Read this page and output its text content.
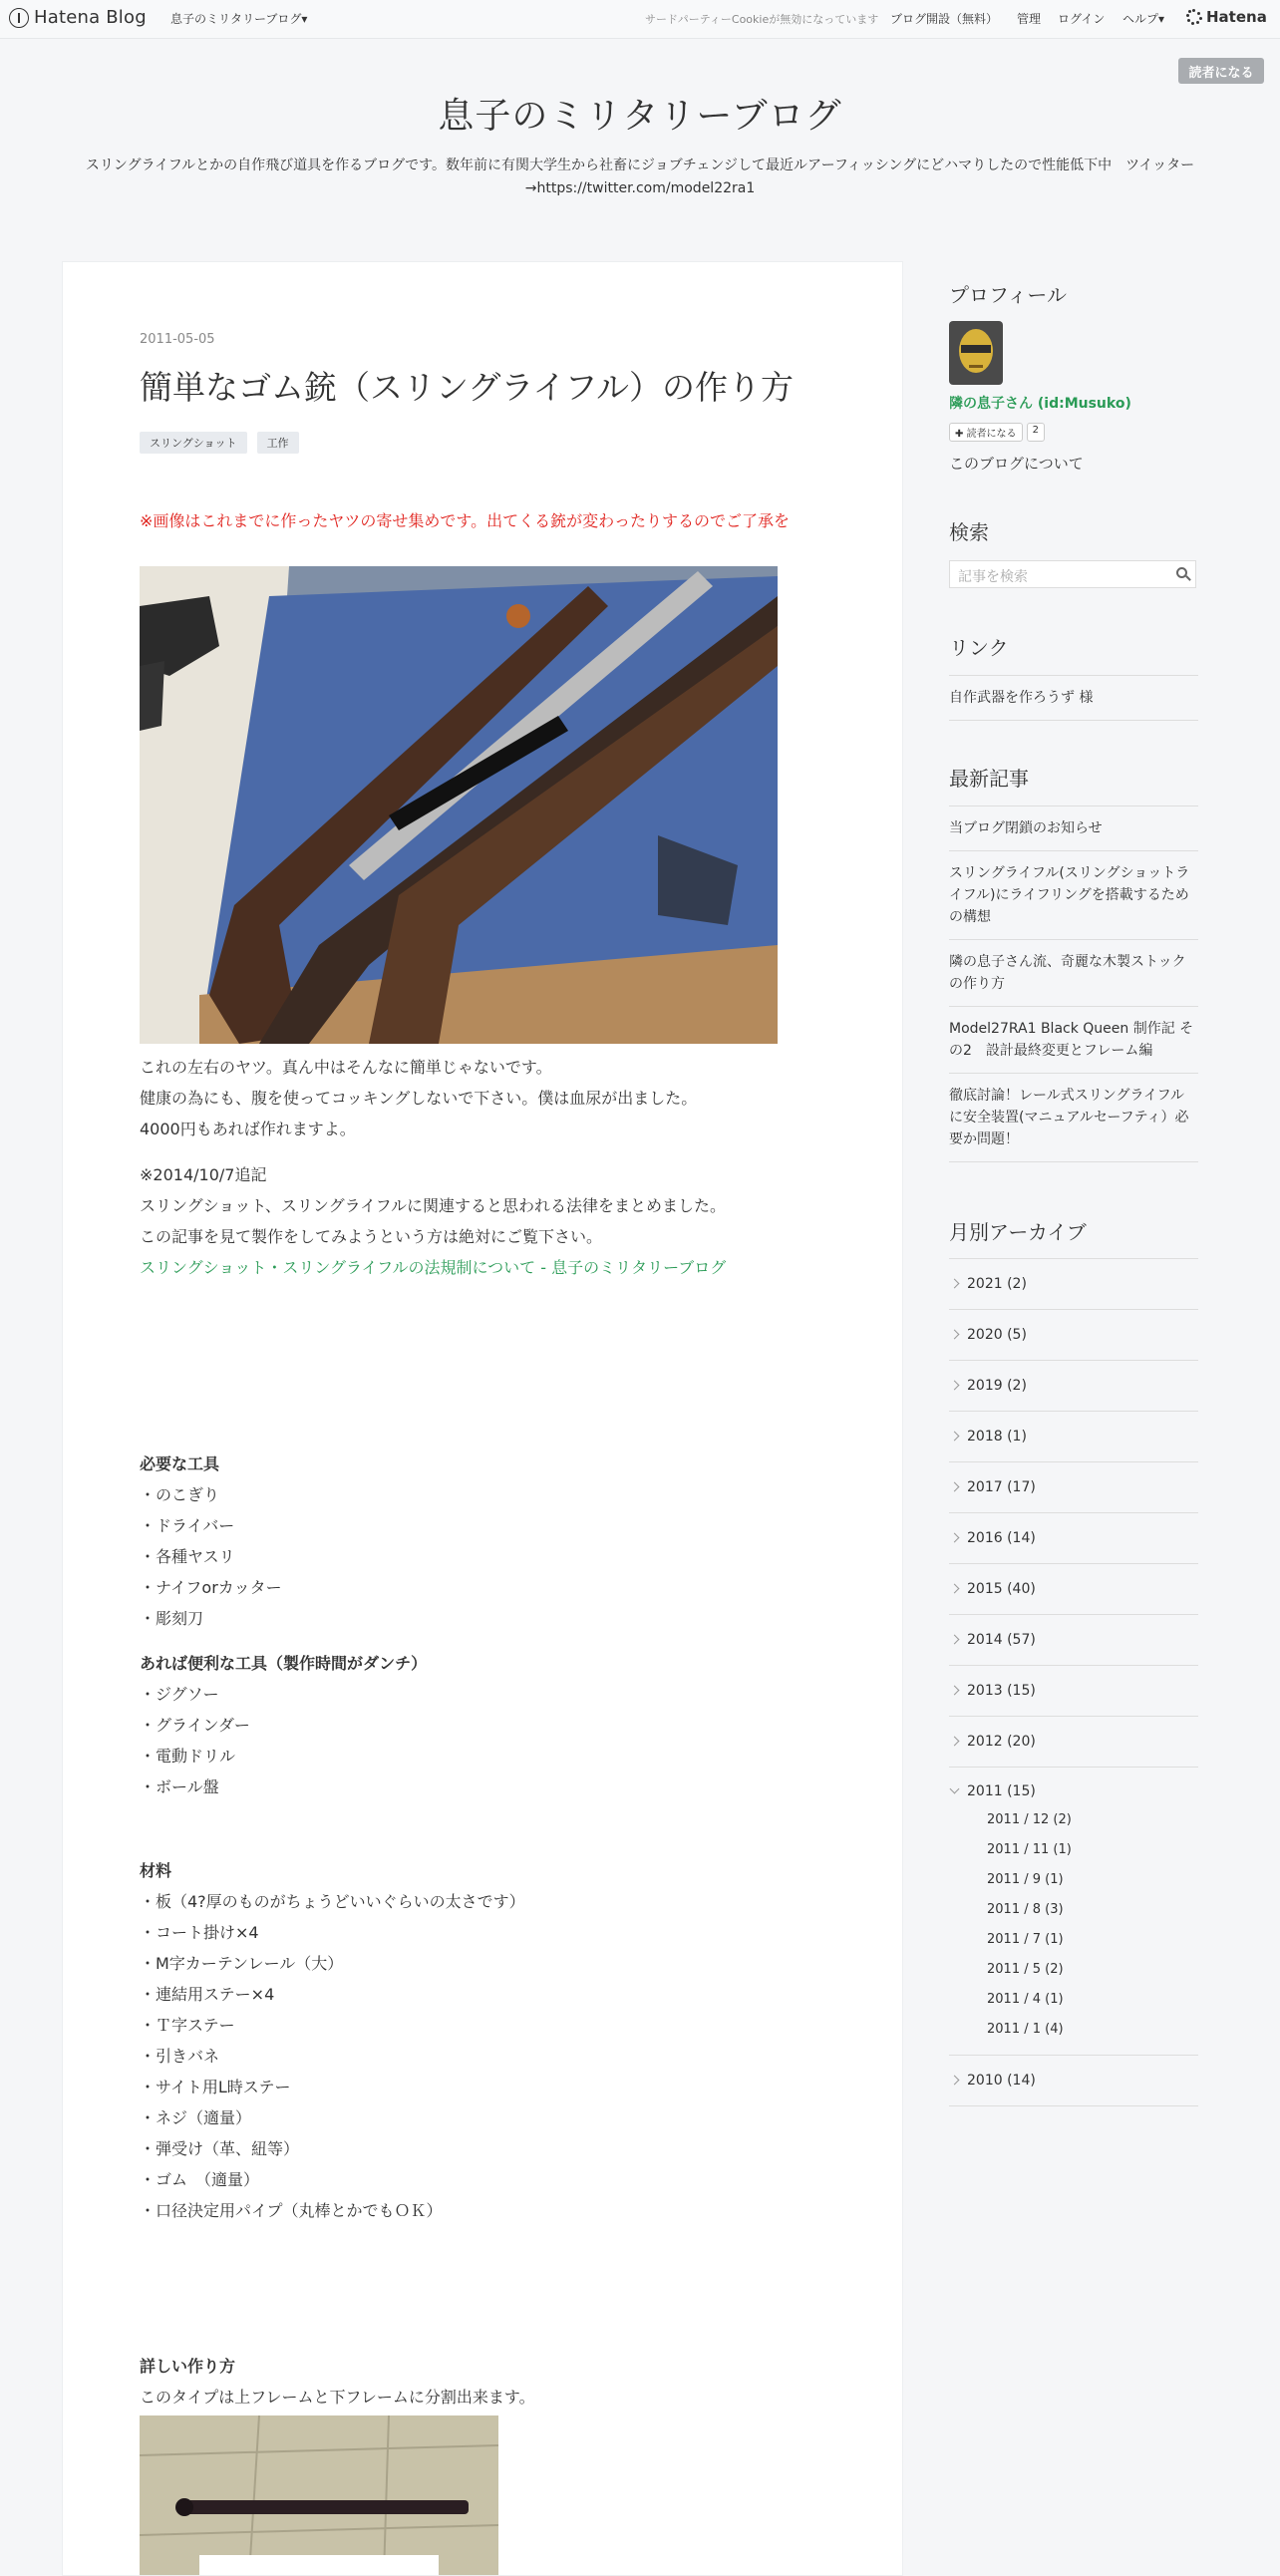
Hatena Blog 息子のミリタリーブログ▾	サードパーティーCookieが無効になっています ブログ開設（無料） 管理 ログイン ヘルプ▾	Hatena
読者になる
息子のミリタリーブログ
スリングライフルとかの自作飛び道具を作るブログです。数年前に有関大学生から社畜にジョブチェンジして最近ルアーフィッシングにどハマりしたので性能低下中　ツイッター→https://twitter.com/model22ra1
2011-05-05
簡単なゴム銃（スリングライフル）の作り方
スリングショット	工作
※画像はこれまでに作ったヤツの寄せ集めです。出てくる銃が変わったりするのでご了承を
これの左右のヤツ。真ん中はそんなに簡単じゃないです。
健康の為にも、腹を使ってコッキングしないで下さい。僕は血尿が出ました。
4000円もあれば作れますよ。
※2014/10/7追記
スリングショット、スリングライフルに関連すると思われる法律をまとめました。
この記事を見て製作をしてみようという方は絶対にご覧下さい。
スリングショット・スリングライフルの法規制について - 息子のミリタリーブログ
必要な工具
・のこぎり
・ドライバー
・各種ヤスリ
・ナイフorカッター
・彫刻刀
あれば便利な工具（製作時間がダンチ）
・ジグソー
・グラインダー
・電動ドリル
・ボール盤
材料
・板（4?厚のものがちょうどいいぐらいの太さです）
・コート掛け×4
・M字カーテンレール（大）
・連結用ステー×4
・Ｔ字ステー
・引きバネ
・サイト用L時ステー
・ネジ（適量）
・弾受け（革、紐等）
・ゴム　（適量）
・口径決定用パイプ（丸棒とかでもＯＫ）
詳しい作り方
このタイプは上フレームと下フレームに分割出来ます。
プロフィール
隣の息子さん (id:Musuko)
✚ 読者になる	2
このブログについて
検索
記事を検索
リンク
自作武器を作ろうず 様
最新記事
当ブログ閉鎖のお知らせ
スリングライフル(スリングショットライフル)にライフリングを搭載するための構想
隣の息子さん流、奇麗な木製ストックの作り方
Model27RA1 Black Queen 制作記 その2　設計最終変更とフレーム編
徹底討論！レール式スリングライフルに安全装置(マニュアルセーフティ）必要か問題！
月別アーカイブ
2021 (2)
2020 (5)
2019 (2)
2018 (1)
2017 (17)
2016 (14)
2015 (40)
2014 (57)
2013 (15)
2012 (20)
2011 (15)
2011 / 12 (2)
2011 / 11 (1)
2011 / 9 (1)
2011 / 8 (3)
2011 / 7 (1)
2011 / 5 (2)
2011 / 4 (1)
2011 / 1 (4)
2010 (14)
